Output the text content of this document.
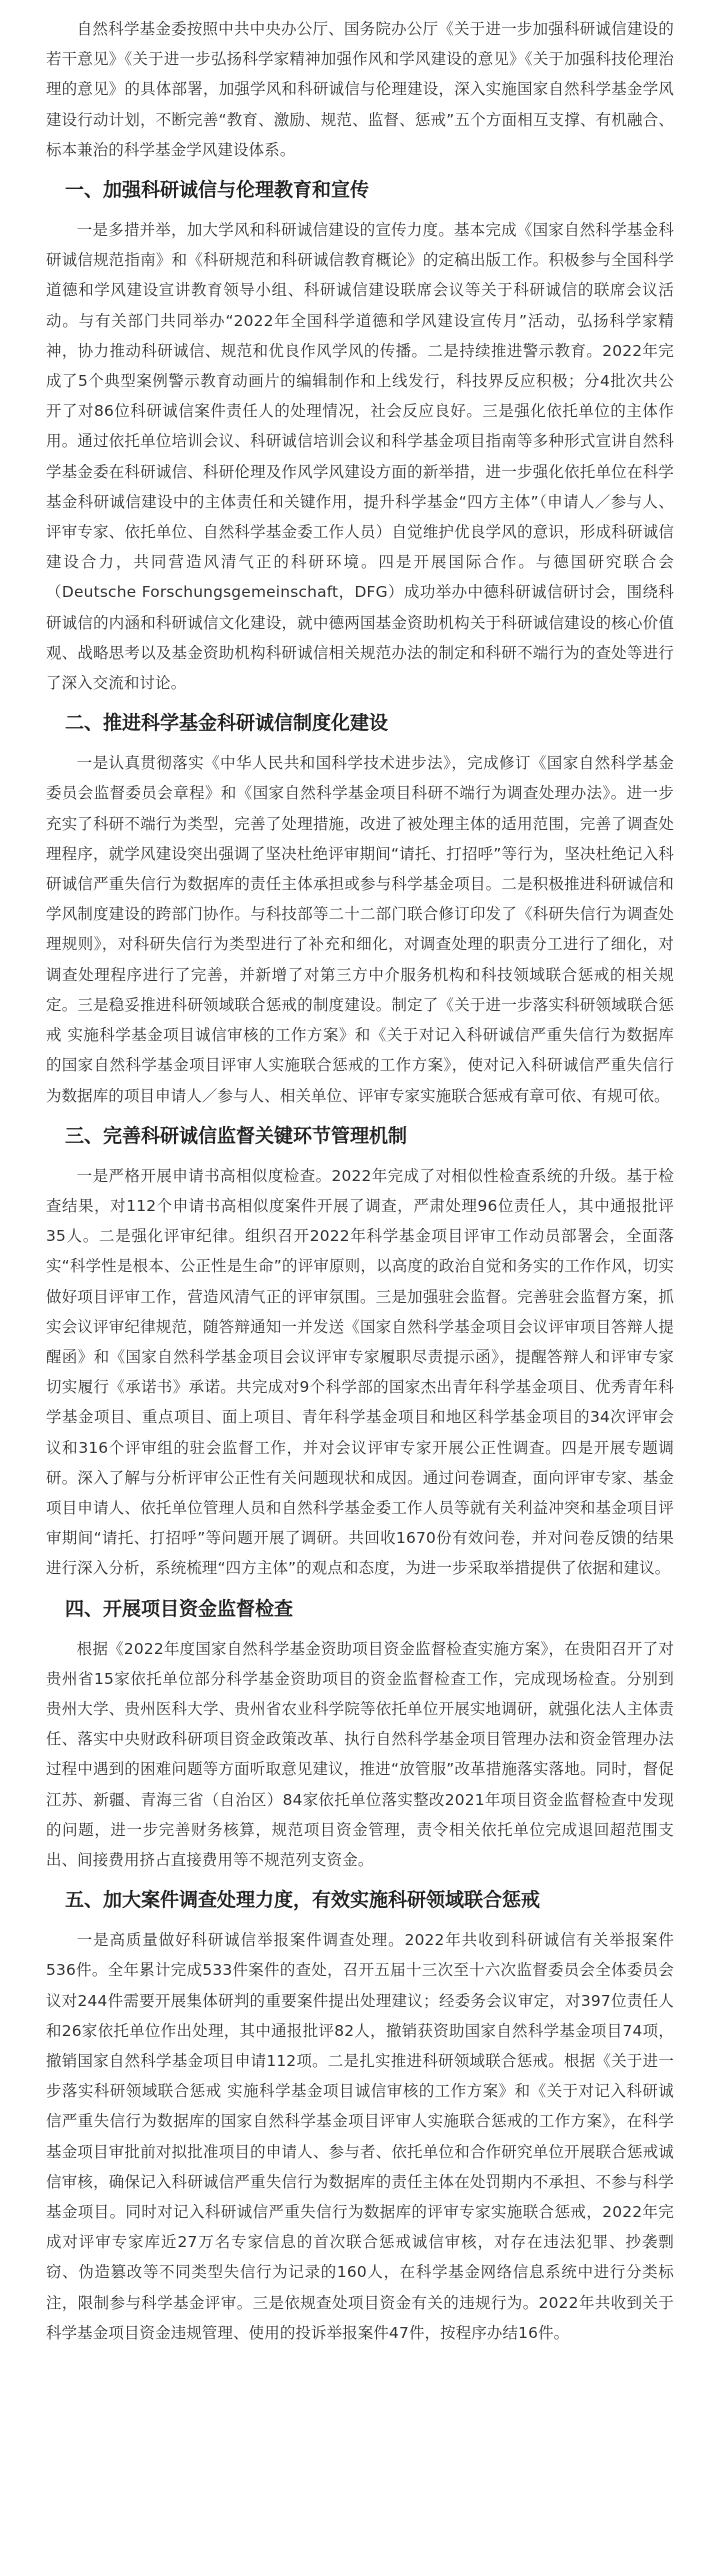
自然科学基金委按照中共中央办公厅、国务院办公厅《关于进一步加强科研诚信建设的若干意见》《关于进一步弘扬科学家精神加强作风和学风建设的意见》《关于加强科技伦理治理的意见》的具体部署，加强学风和科研诚信与伦理建设，深入实施国家自然科学基金学风建设行动计划，不断完善“教育、激励、规范、监督、惩戒”五个方面相互支撑、有机融合、标本兼治的科学基金学风建设体系。

一、加强科研诚信与伦理教育和宣传

一是多措并举，加大学风和科研诚信建设的宣传力度。基本完成《国家自然科学基金科研诚信规范指南》和《科研规范和科研诚信教育概论》的定稿出版工作。积极参与全国科学道德和学风建设宣讲教育领导小组、科研诚信建设联席会议等关于科研诚信的联席会议活动。与有关部门共同举办“2022年全国科学道德和学风建设宣传月”活动，弘扬科学家精神，协力推动科研诚信、规范和优良作风学风的传播。二是持续推进警示教育。2022年完成了5个典型案例警示教育动画片的编辑制作和上线发行，科技界反应积极；分4批次共公开了对86位科研诚信案件责任人的处理情况，社会反应良好。三是强化依托单位的主体作用。通过依托单位培训会议、科研诚信培训会议和科学基金项目指南等多种形式宣讲自然科学基金委在科研诚信、科研伦理及作风学风建设方面的新举措，进一步强化依托单位在科学基金科研诚信建设中的主体责任和关键作用，提升科学基金“四方主体”（申请人／参与人、评审专家、依托单位、自然科学基金委工作人员）自觉维护优良学风的意识，形成科研诚信建设合力，共同营造风清气正的科研环境。四是开展国际合作。与德国研究联合会（Deutsche Forschungsgemeinschaft，DFG）成功举办中德科研诚信研讨会，围绕科研诚信的内涵和科研诚信文化建设，就中德两国基金资助机构关于科研诚信建设的核心价值观、战略思考以及基金资助机构科研诚信相关规范办法的制定和科研不端行为的查处等进行了深入交流和讨论。

二、推进科学基金科研诚信制度化建设

一是认真贯彻落实《中华人民共和国科学技术进步法》，完成修订《国家自然科学基金委员会监督委员会章程》和《国家自然科学基金项目科研不端行为调查处理办法》。进一步充实了科研不端行为类型，完善了处理措施，改进了被处理主体的适用范围，完善了调查处理程序，就学风建设突出强调了坚决杜绝评审期间“请托、打招呼”等行为，坚决杜绝记入科研诚信严重失信行为数据库的责任主体承担或参与科学基金项目。二是积极推进科研诚信和学风制度建设的跨部门协作。与科技部等二十二部门联合修订印发了《科研失信行为调查处理规则》，对科研失信行为类型进行了补充和细化，对调查处理的职责分工进行了细化，对调查处理程序进行了完善，并新增了对第三方中介服务机构和科技领域联合惩戒的相关规定。三是稳妥推进科研领域联合惩戒的制度建设。制定了《关于进一步落实科研领域联合惩戒 实施科学基金项目诚信审核的工作方案》和《关于对记入科研诚信严重失信行为数据库的国家自然科学基金项目评审人实施联合惩戒的工作方案》，使对记入科研诚信严重失信行为数据库的项目申请人／参与人、相关单位、评审专家实施联合惩戒有章可依、有规可依。

三、完善科研诚信监督关键环节管理机制

一是严格开展申请书高相似度检查。2022年完成了对相似性检查系统的升级。基于检查结果，对112个申请书高相似度案件开展了调查，严肃处理96位责任人，其中通报批评35人。二是强化评审纪律。组织召开2022年科学基金项目评审工作动员部署会，全面落实“科学性是根本、公正性是生命”的评审原则，以高度的政治自觉和务实的工作作风，切实做好项目评审工作，营造风清气正的评审氛围。三是加强驻会监督。完善驻会监督方案，抓实会议评审纪律规范，随答辩通知一并发送《国家自然科学基金项目会议评审项目答辩人提醒函》和《国家自然科学基金项目会议评审专家履职尽责提示函》，提醒答辩人和评审专家切实履行《承诺书》承诺。共完成对9个科学部的国家杰出青年科学基金项目、优秀青年科学基金项目、重点项目、面上项目、青年科学基金项目和地区科学基金项目的34次评审会议和316个评审组的驻会监督工作，并对会议评审专家开展公正性调查。四是开展专题调研。深入了解与分析评审公正性有关问题现状和成因。通过问卷调查，面向评审专家、基金项目申请人、依托单位管理人员和自然科学基金委工作人员等就有关利益冲突和基金项目评审期间“请托、打招呼”等问题开展了调研。共回收1670份有效问卷，并对问卷反馈的结果进行深入分析，系统梳理“四方主体”的观点和态度，为进一步采取举措提供了依据和建议。

四、开展项目资金监督检查

根据《2022年度国家自然科学基金资助项目资金监督检查实施方案》，在贵阳召开了对贵州省15家依托单位部分科学基金资助项目的资金监督检查工作，完成现场检查。分别到贵州大学、贵州医科大学、贵州省农业科学院等依托单位开展实地调研，就强化法人主体责任、落实中央财政科研项目资金政策改革、执行自然科学基金项目管理办法和资金管理办法过程中遇到的困难问题等方面听取意见建议，推进“放管服”改革措施落实落地。同时，督促江苏、新疆、青海三省（自治区）84家依托单位落实整改2021年项目资金监督检查中发现的问题，进一步完善财务核算，规范项目资金管理，责令相关依托单位完成退回超范围支出、间接费用挤占直接费用等不规范列支资金。

五、加大案件调查处理力度，有效实施科研领域联合惩戒

一是高质量做好科研诚信举报案件调查处理。2022年共收到科研诚信有关举报案件536件。全年累计完成533件案件的查处，召开五届十三次至十六次监督委员会全体委员会议对244件需要开展集体研判的重要案件提出处理建议；经委务会议审定，对397位责任人和26家依托单位作出处理，其中通报批评82人，撤销获资助国家自然科学基金项目74项，撤销国家自然科学基金项目申请112项。二是扎实推进科研领域联合惩戒。根据《关于进一步落实科研领域联合惩戒 实施科学基金项目诚信审核的工作方案》和《关于对记入科研诚信严重失信行为数据库的国家自然科学基金项目评审人实施联合惩戒的工作方案》，在科学基金项目审批前对拟批准项目的申请人、参与者、依托单位和合作研究单位开展联合惩戒诚信审核，确保记入科研诚信严重失信行为数据库的责任主体在处罚期内不承担、不参与科学基金项目。同时对记入科研诚信严重失信行为数据库的评审专家实施联合惩戒，2022年完成对评审专家库近27万名专家信息的首次联合惩戒诚信审核，对存在违法犯罪、抄袭剽窃、伪造篡改等不同类型失信行为记录的160人，在科学基金网络信息系统中进行分类标注，限制参与科学基金评审。三是依规查处项目资金有关的违规行为。2022年共收到关于科学基金项目资金违规管理、使用的投诉举报案件47件，按程序办结16件。
